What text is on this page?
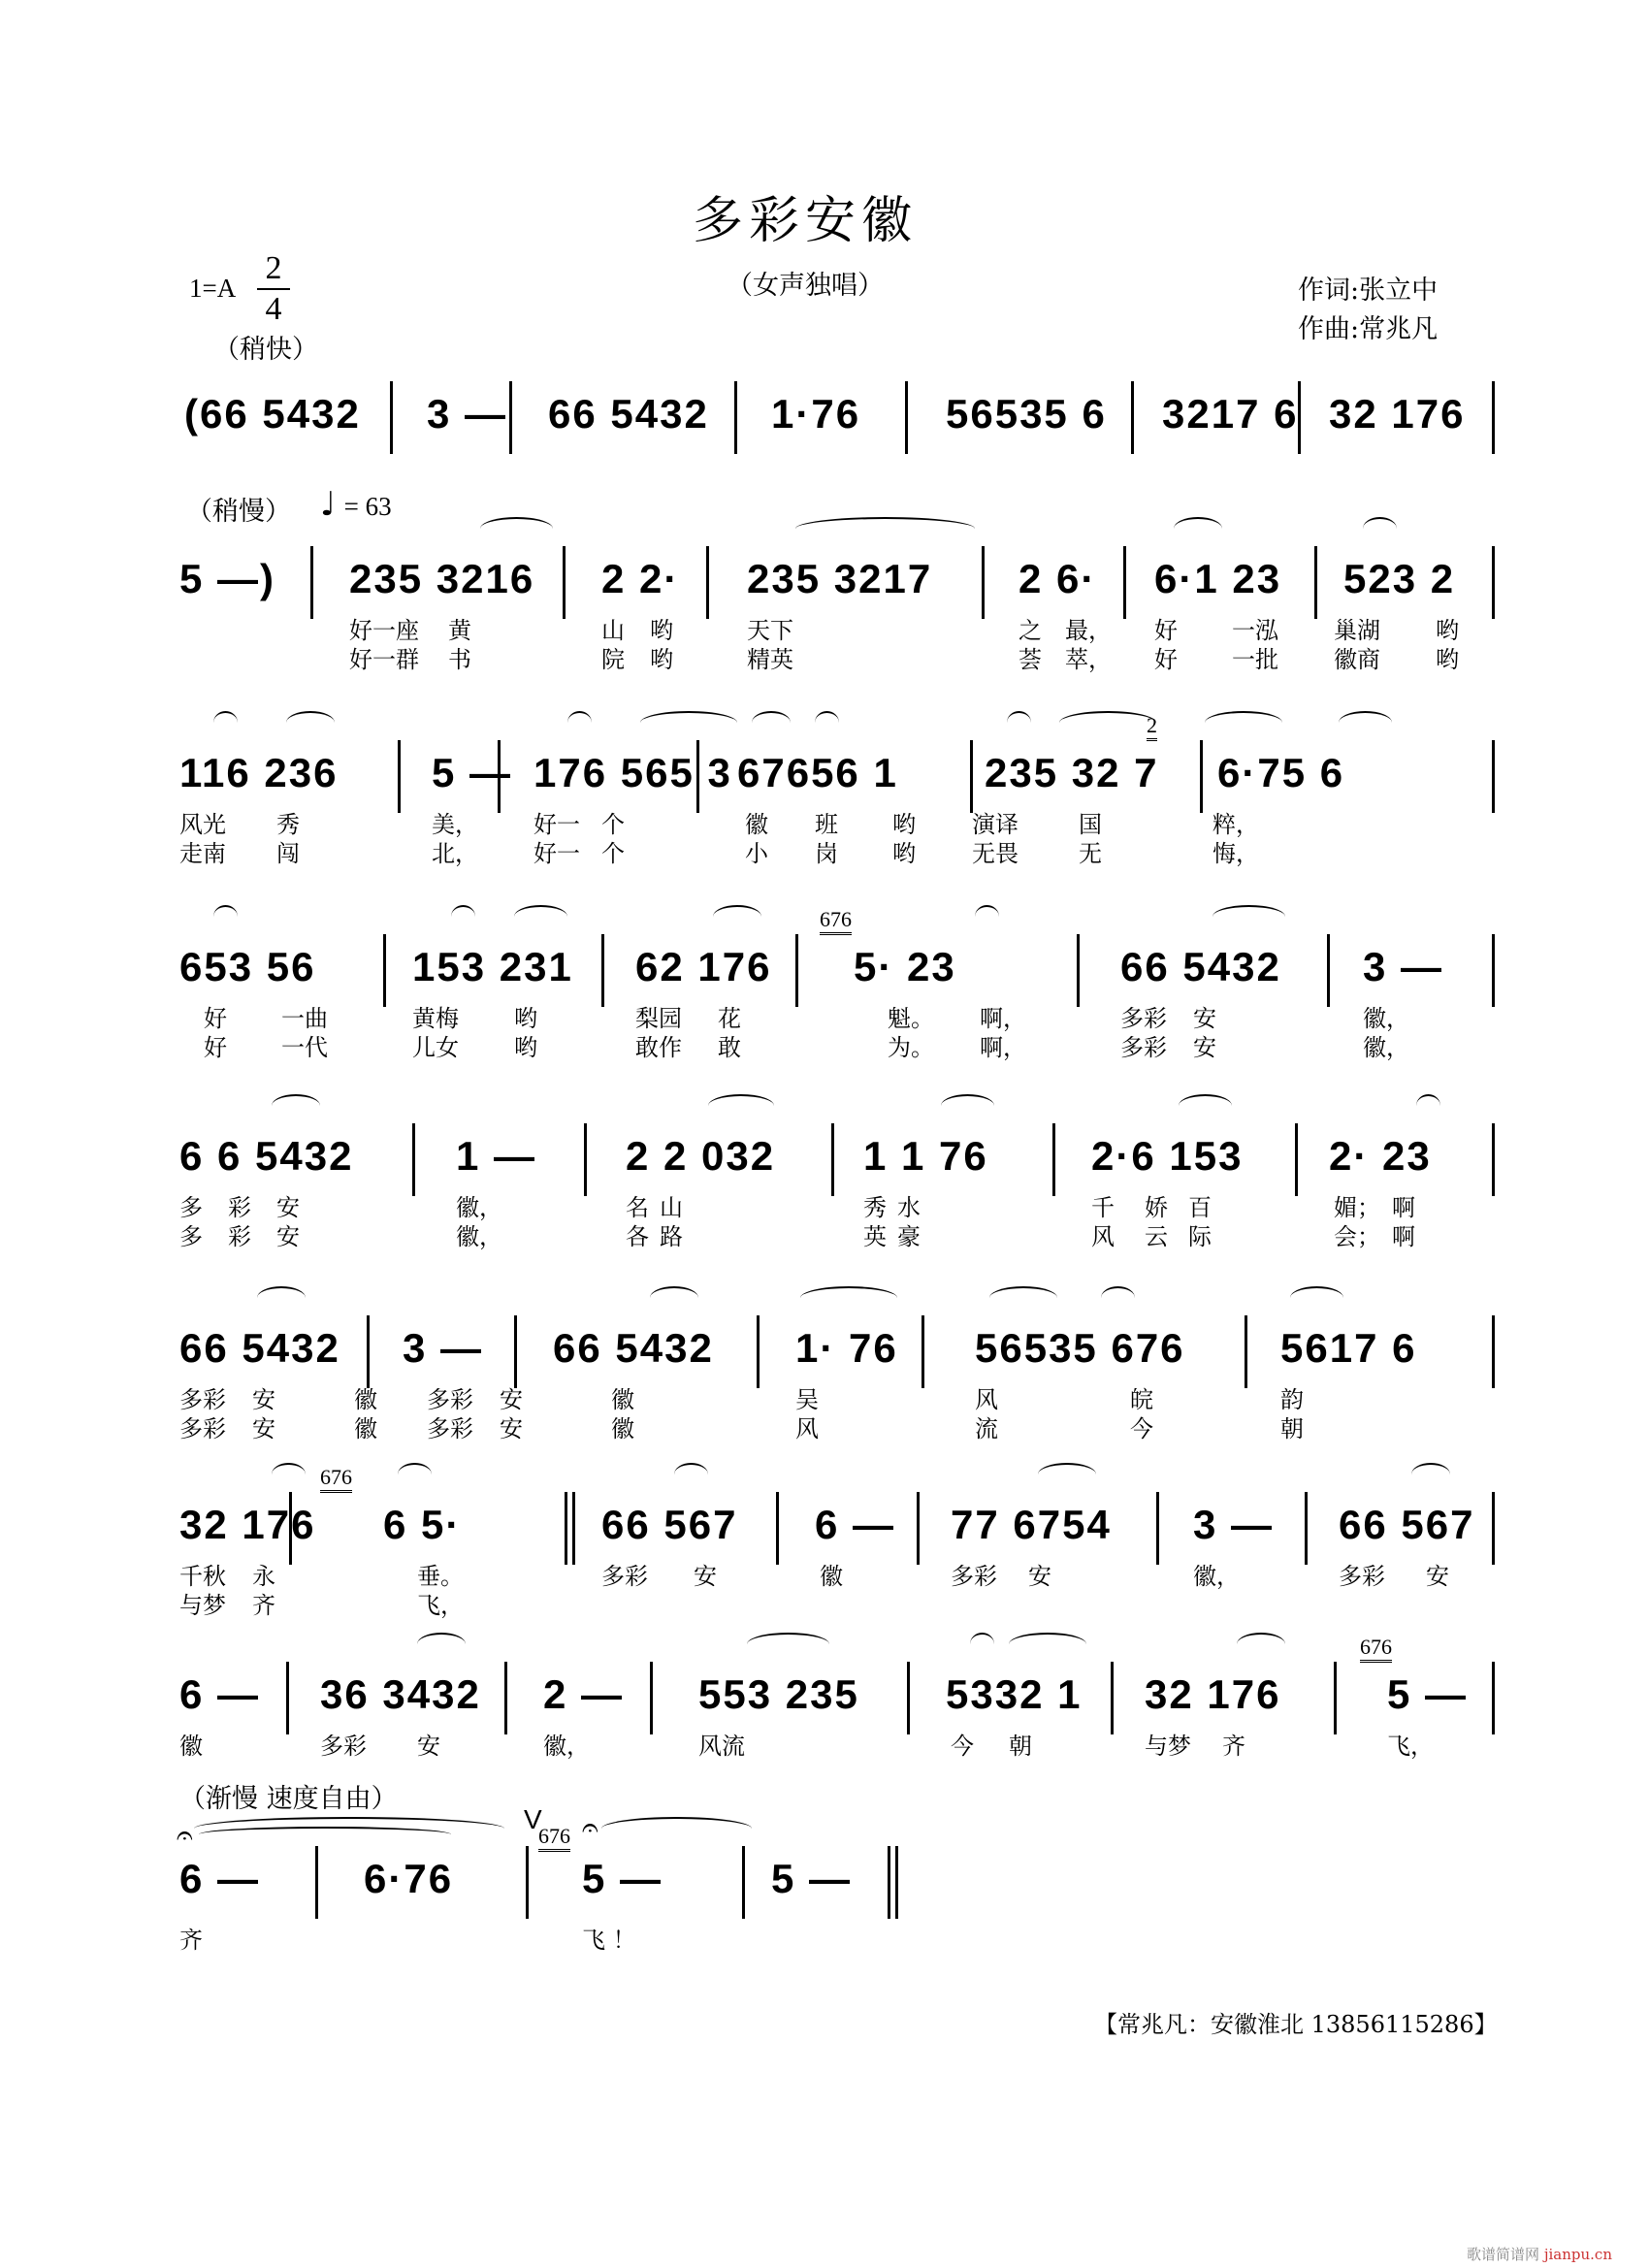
多彩安徽
（女声独唱）
1=A
2
4
（稍快）
作词:张立中
作曲:常兆凡
(66 5432 3 — 66 5432 1·76 56535 6 3217 6 32 176
（稍慢） ♩ = 63
5 —) 235 3216 2 2· 235 3217 2 6· 6·1 23 523 2
好一座 黄	山 哟	天下	之 最， 好 一泓 巢湖 哟
好一群 书	院 哟	精英	荟 萃， 好 一批 徽商 哟
116 236 5 — 176 565 3 67656 1 235 32 7 6·75 6
2
风光 秀	美， 好一 个	徽 班 哟 演译	国	粹，
走南 闯	北， 好一 个	小 岗 哟 无畏	无	悔，
653 56 153 231 62 176 5· 23	66 5432 3 —
676
好 一曲	黄梅 哟	梨园 花	魁。 啊，	多彩 安	徽，
好 一代	儿女 哟	敢作 敢	为。 啊，	多彩 安	徽，
6 6 5432	1 — 2 2 032 1 1 76	2·6 153 2· 23
多 彩 安	徽，	名 山	秀 水	千 娇 百	媚； 啊
多 彩 安	徽，	各 路	英 豪	风 云 际	会； 啊
66 5432 3 — 66 5432 1· 76 56535 676 5617 6
多彩 安	徽 多彩 安	徽	吴	风	皖	韵
多彩 安	徽 多彩 安	徽	风	流	今	朝
32 176 6 5·	66 567 6 — 77 6754 3 — 66 567
676
千秋 永	垂。	多彩 安	徽	多彩 安	徽，	多彩 安
与梦 齐	飞，
6 — 36 3432 2 — 553 235 5332 1 32 176	5 —
676
徽	多彩 安	徽，	风流	今 朝	与梦 齐	飞，
（渐慢 速度自由）
𝄐	V
6 —	6·76	5 —	5 —
676 𝄐
齐	飞 ！
【常兆凡：安徽淮北 13856115286】
歌谱简谱网 jianpu.cn
